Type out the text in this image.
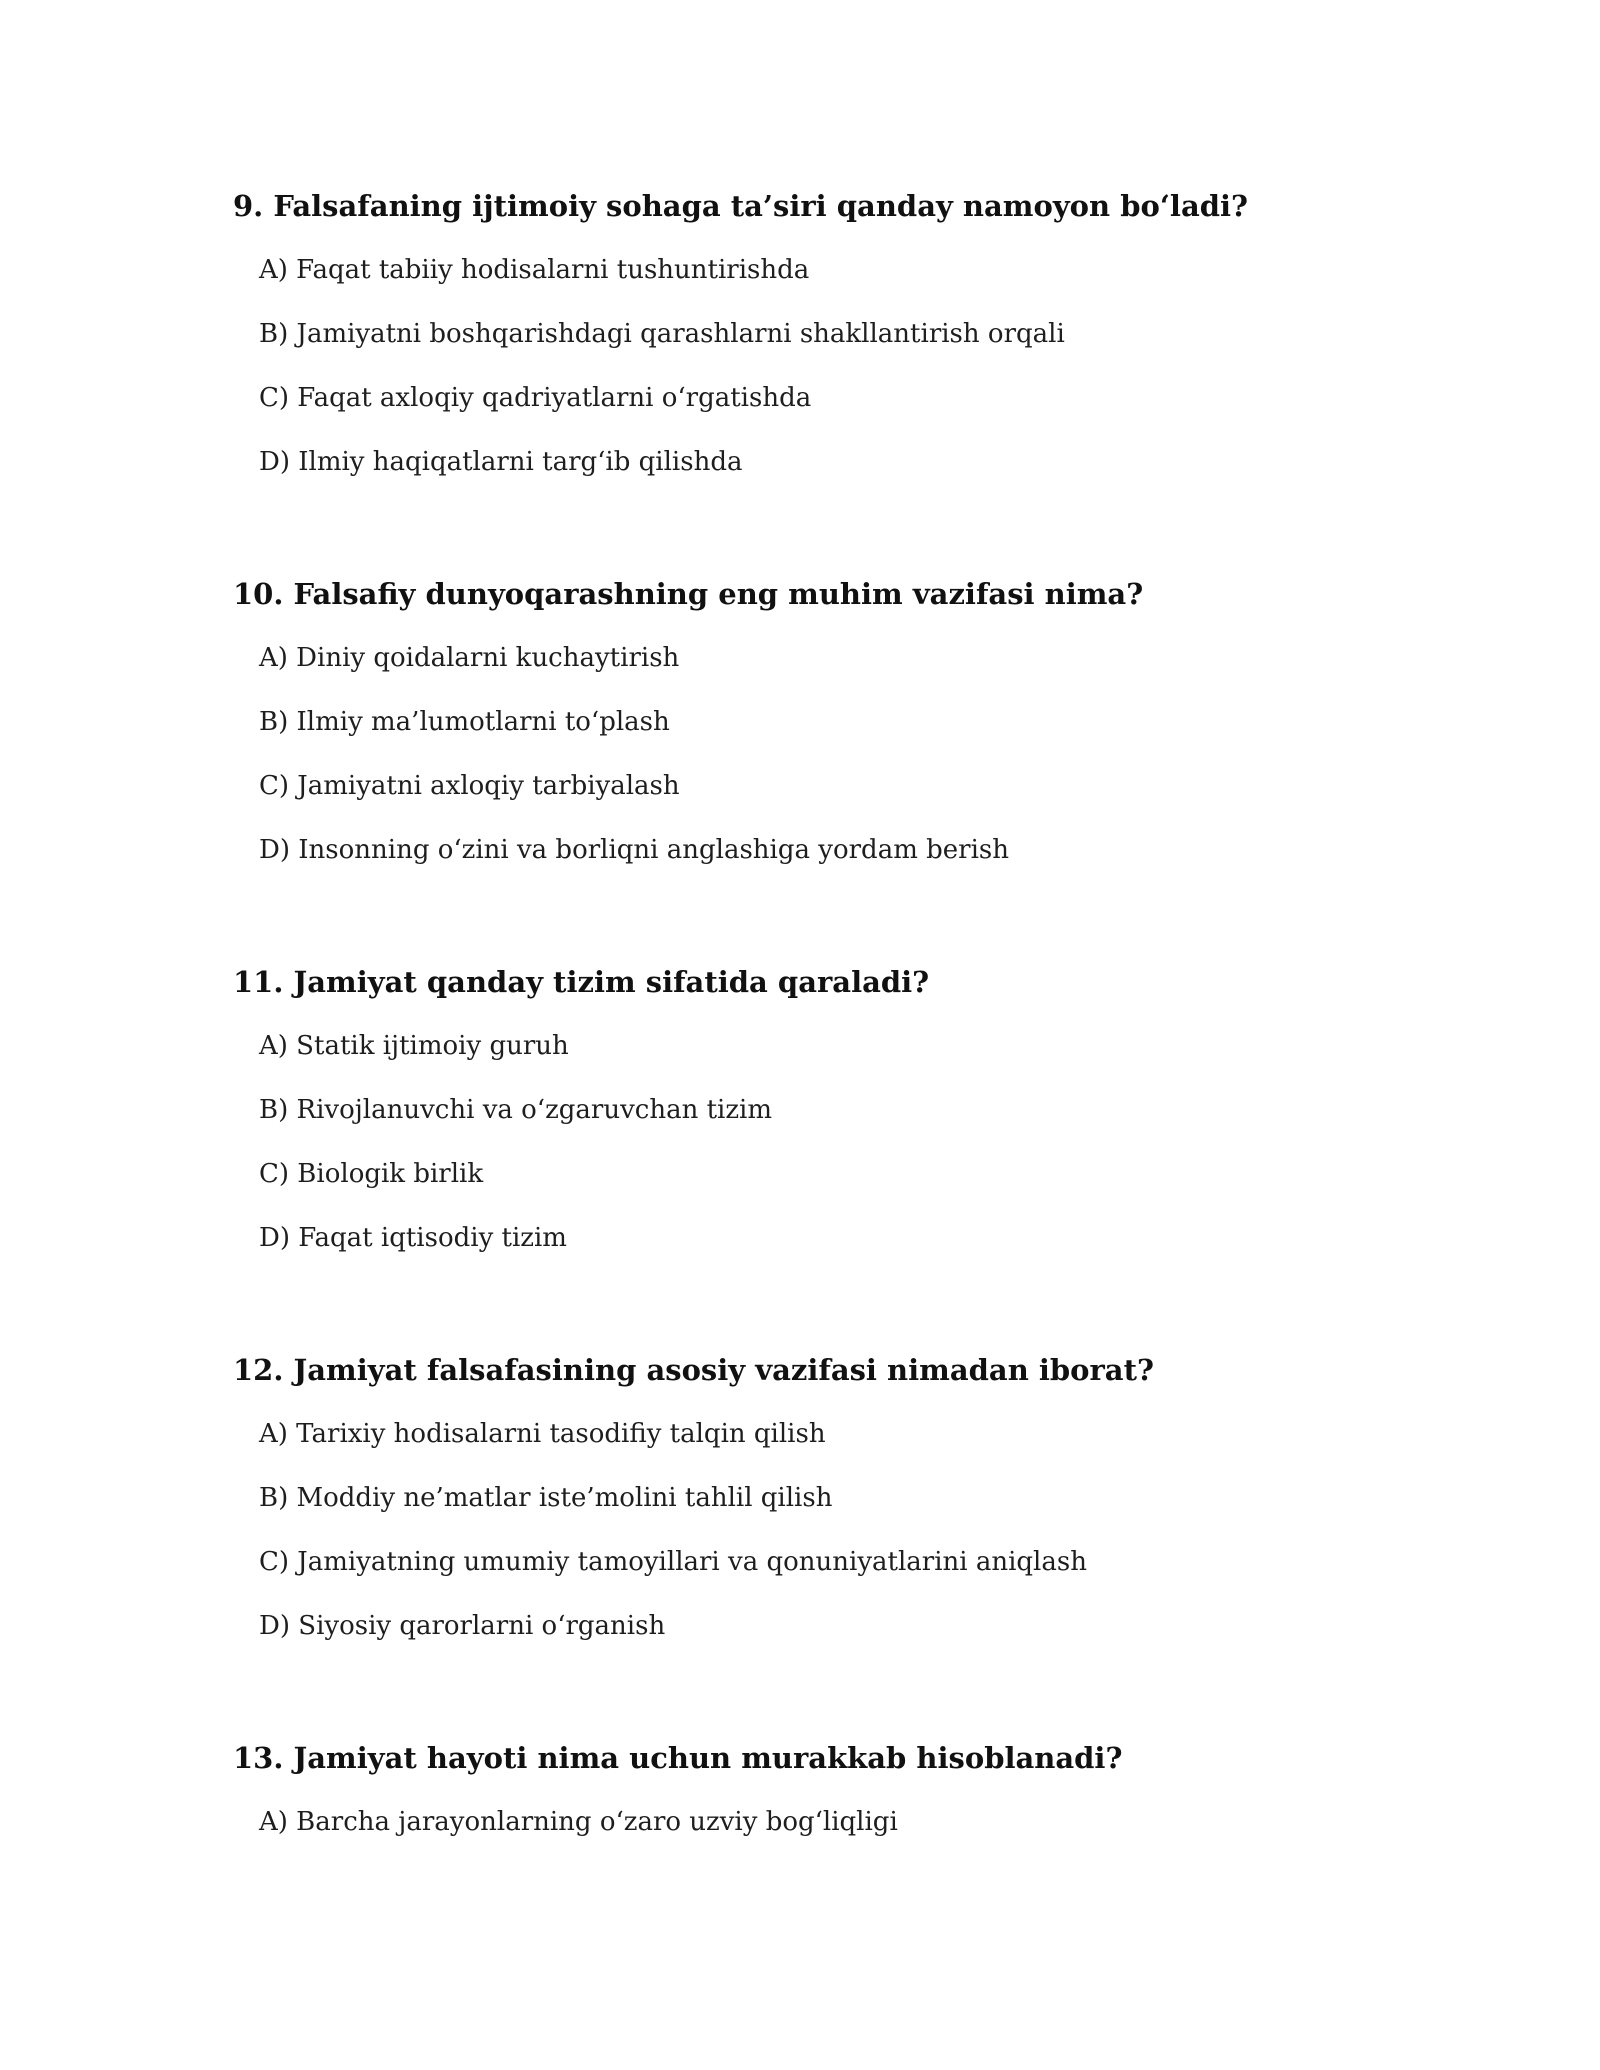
9. Falsafaning ijtimoiy sohaga ta’siri qanday namoyon bo‘ladi?
A) Faqat tabiiy hodisalarni tushuntirishda
B) Jamiyatni boshqarishdagi qarashlarni shakllantirish orqali
C) Faqat axloqiy qadriyatlarni o‘rgatishda
D) Ilmiy haqiqatlarni targ‘ib qilishda
10. Falsafiy dunyoqarashning eng muhim vazifasi nima?
A) Diniy qoidalarni kuchaytirish
B) Ilmiy ma’lumotlarni to‘plash
C) Jamiyatni axloqiy tarbiyalash
D) Insonning o‘zini va borliqni anglashiga yordam berish
11. Jamiyat qanday tizim sifatida qaraladi?
A) Statik ijtimoiy guruh
B) Rivojlanuvchi va o‘zgaruvchan tizim
C) Biologik birlik
D) Faqat iqtisodiy tizim
12. Jamiyat falsafasining asosiy vazifasi nimadan iborat?
A) Tarixiy hodisalarni tasodifiy talqin qilish
B) Moddiy ne’matlar iste’molini tahlil qilish
C) Jamiyatning umumiy tamoyillari va qonuniyatlarini aniqlash
D) Siyosiy qarorlarni o‘rganish
13. Jamiyat hayoti nima uchun murakkab hisoblanadi?
A) Barcha jarayonlarning o‘zaro uzviy bog‘liqligi
